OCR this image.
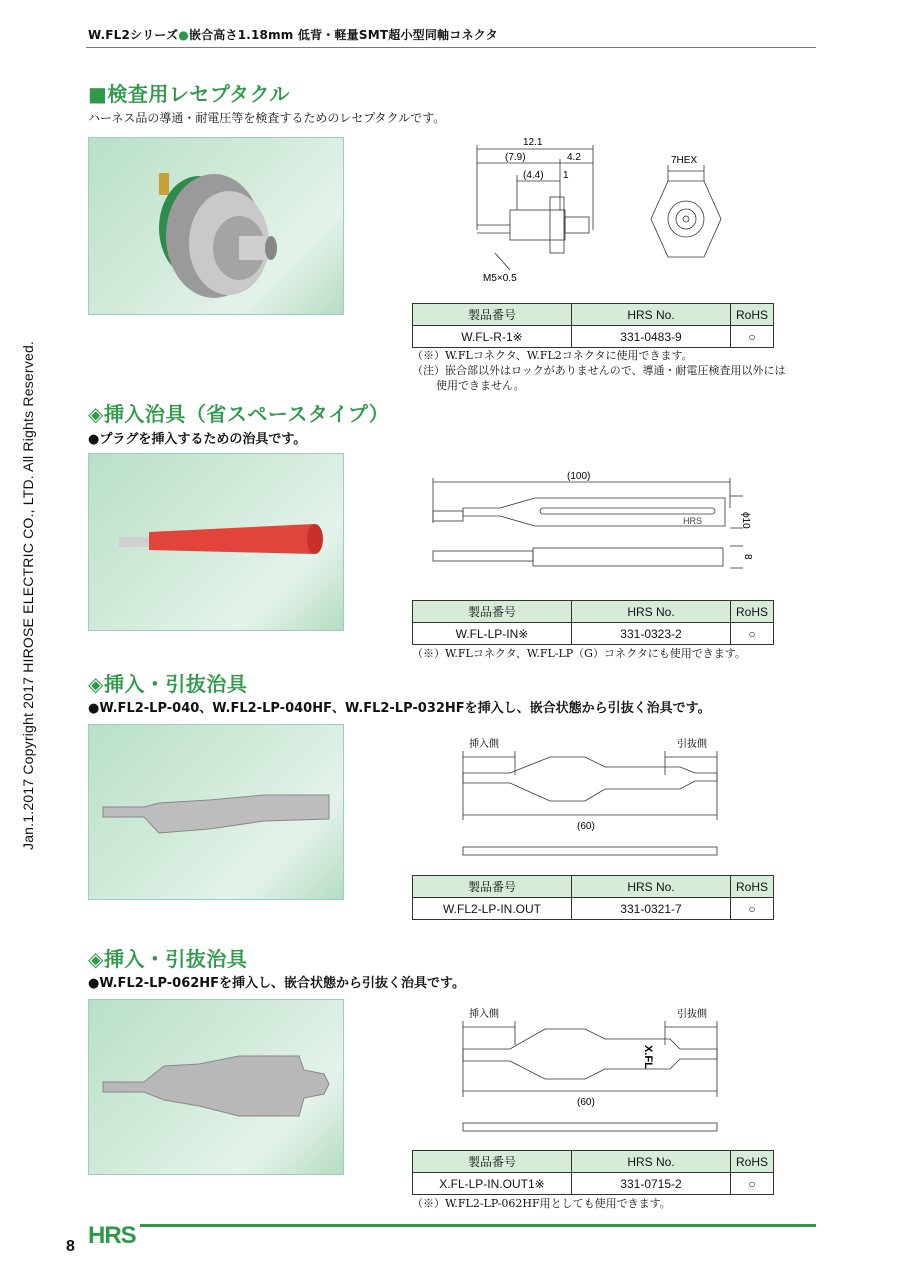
W.FL2シリーズ●嵌合高さ1.18mm 低背・軽量SMT超小型同軸コネクタ
Jan.1.2017 Copyright 2017 HIROSE ELECTRIC CO., LTD. All Rights Reserved.
■検査用レセプタクル
ハーネス品の導通・耐電圧等を検査するためのレセプタクルです。
12.1
(7.9)	4.2
(4.4) 1
M5×0.5
7HEX
製品番号	HRS No.	RoHS
W.FL-R-1※	331-0483-9	○
（※）W.FLコネクタ、W.FL2コネクタに使用できます。
（注）嵌合部以外はロックがありませんので、導通・耐電圧検査用以外には
使用できません。
◈挿入治具（省スペースタイプ）
●プラグを挿入するための治具です。
(100)
ϕ10
8
HRS
製品番号	HRS No.	RoHS
W.FL-LP-IN※	331-0323-2	○
（※）W.FLコネクタ、W.FL-LP（G）コネクタにも使用できます。
◈挿入・引抜治具
●W.FL2-LP-040、W.FL2-LP-040HF、W.FL2-LP-032HFを挿入し、嵌合状態から引抜く治具です。
挿入側	引抜側
(60)
製品番号	HRS No.	RoHS
W.FL2-LP-IN.OUT	331-0321-7	○
◈挿入・引抜治具
●W.FL2-LP-062HFを挿入し、嵌合状態から引抜く治具です。
挿入側	引抜側
(60)
X.FL
製品番号	HRS No.	RoHS
X.FL-LP-IN.OUT1※	331-0715-2	○
（※）W.FL2-LP-062HF用としても使用できます。
HRS
8
